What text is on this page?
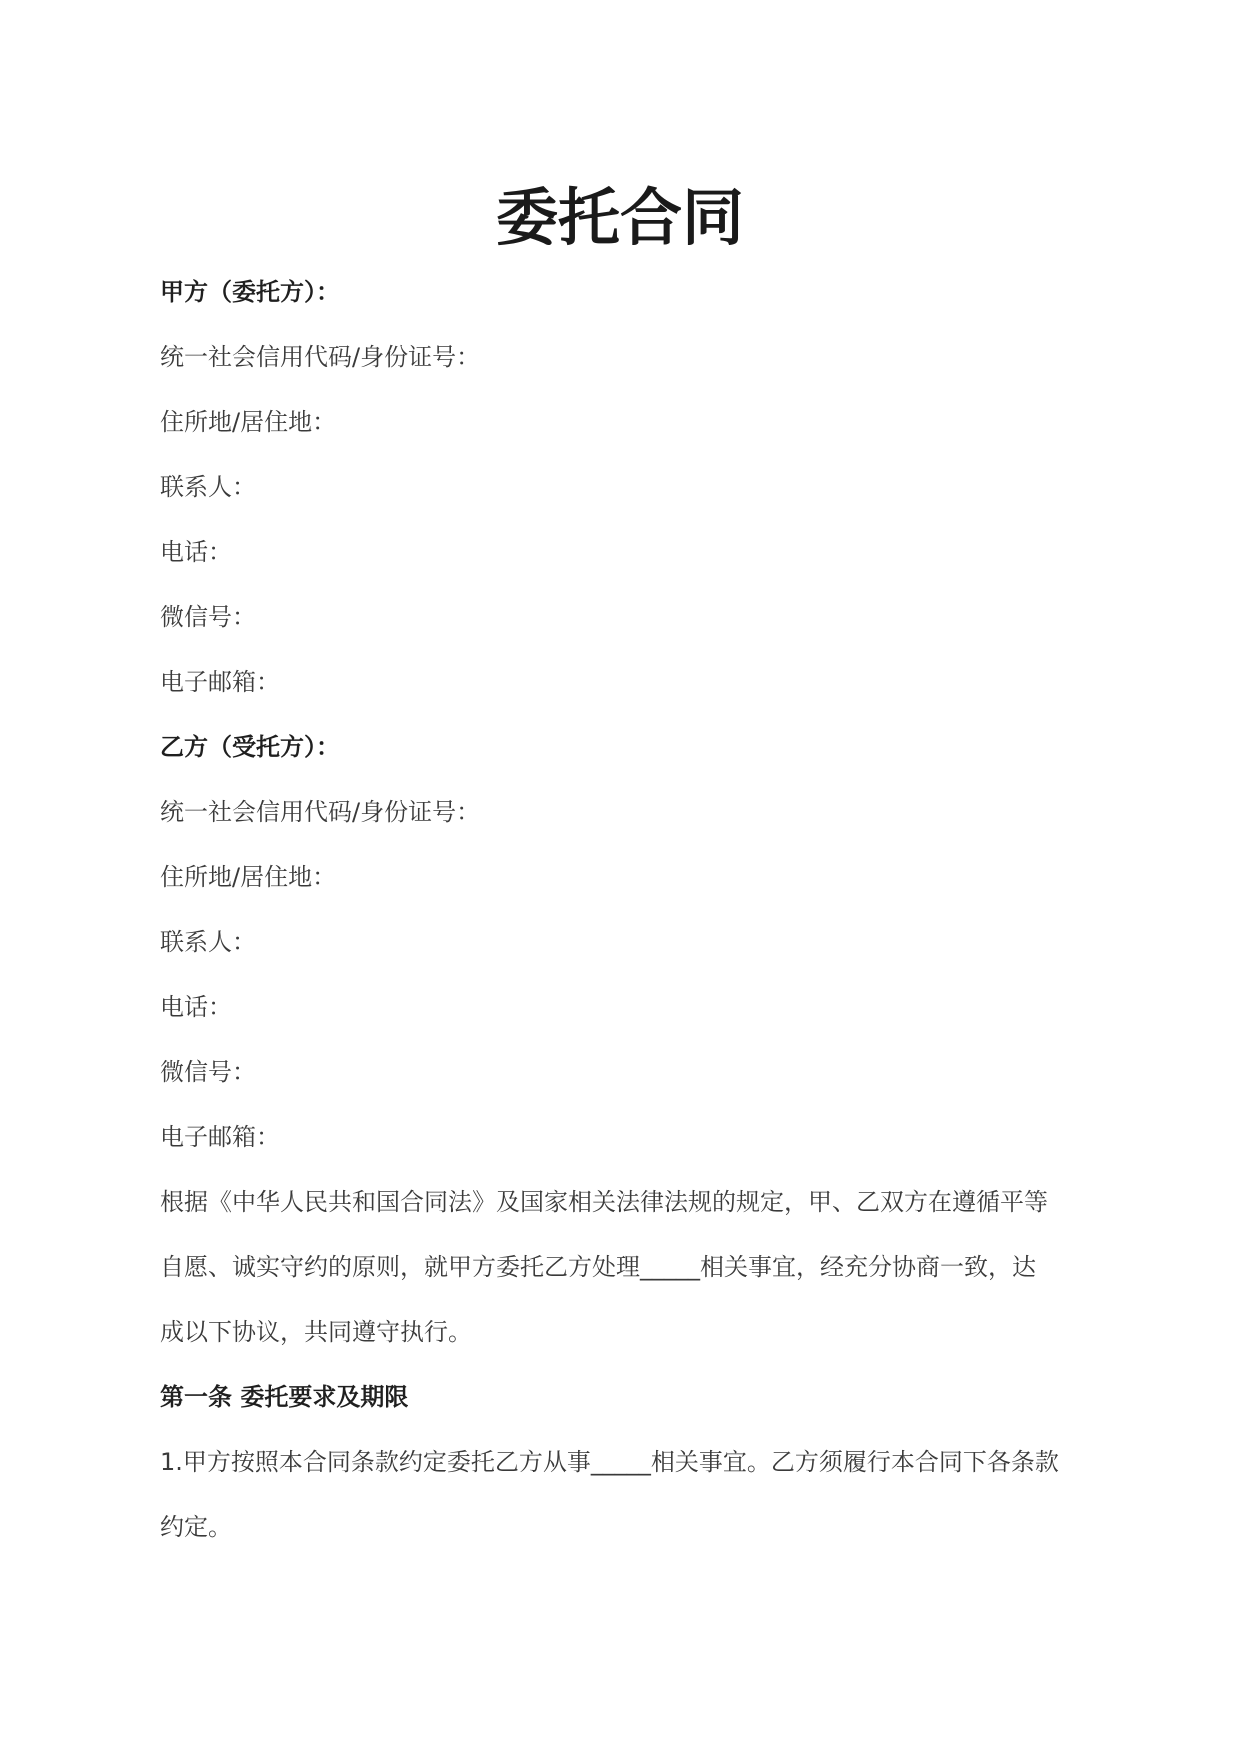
委托合同

甲方（委托方）：

统一社会信用代码/身份证号：

住所地/居住地：

联系人：

电话：

微信号：

电子邮箱：

乙方（受托方）：

统一社会信用代码/身份证号：

住所地/居住地：

联系人：

电话：

微信号：

电子邮箱：

根据《中华人民共和国合同法》及国家相关法律法规的规定，甲、乙双方在遵循平等

自愿、诚实守约的原则，就甲方委托乙方处理_____相关事宜，经充分协商一致，达

成以下协议，共同遵守执行。

第一条 委托要求及期限

1.甲方按照本合同条款约定委托乙方从事_____相关事宜。乙方须履行本合同下各条款

约定。
